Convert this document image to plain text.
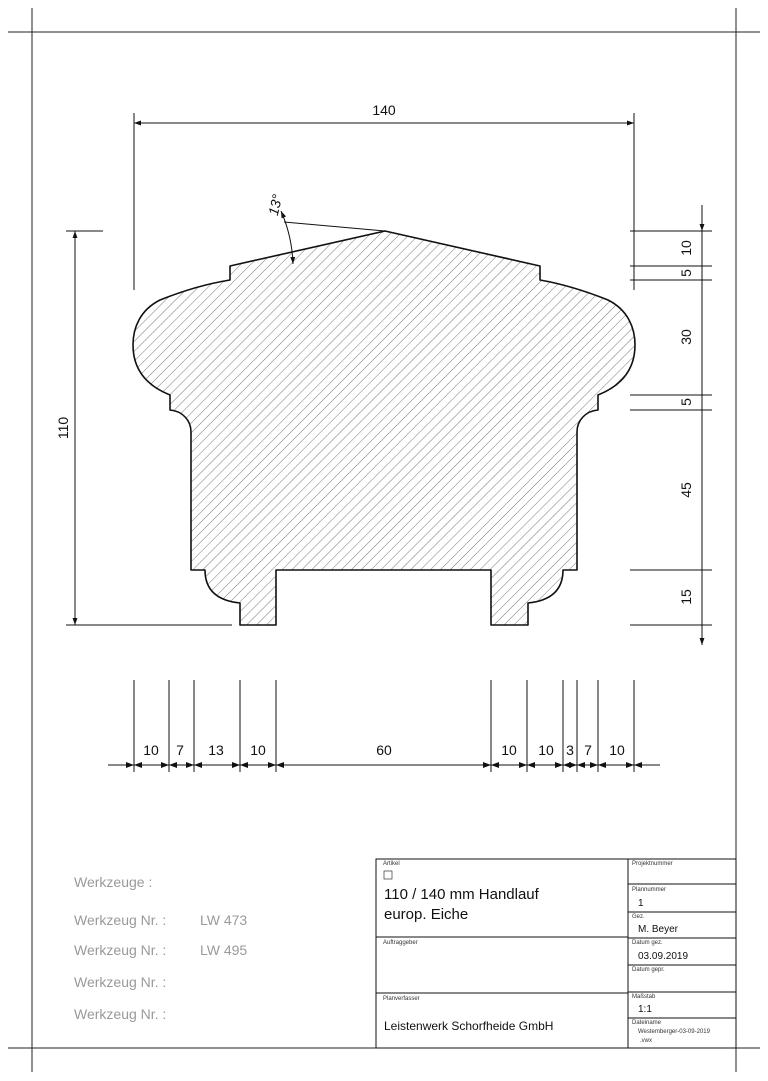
140
110
13°
10
5
30
5
45
15
10 7 13 10	60	10 10 3 7 10
Werkzeuge :
Werkzeug Nr. : LW 473
Werkzeug Nr. : LW 495
Werkzeug Nr. :
Werkzeug Nr. :
Artikel
110 / 140 mm Handlauf
europ. Eiche
Auftraggeber
Planverfasser
Leistenwerk Schorfheide GmbH
Projektnummer
Plannummer
1
Gez.
M. Beyer
Datum gez.
03.09.2019
Datum gepr.
Maßstab
1:1
Dateiname
Westemberger-03-09-2019
.vwx
